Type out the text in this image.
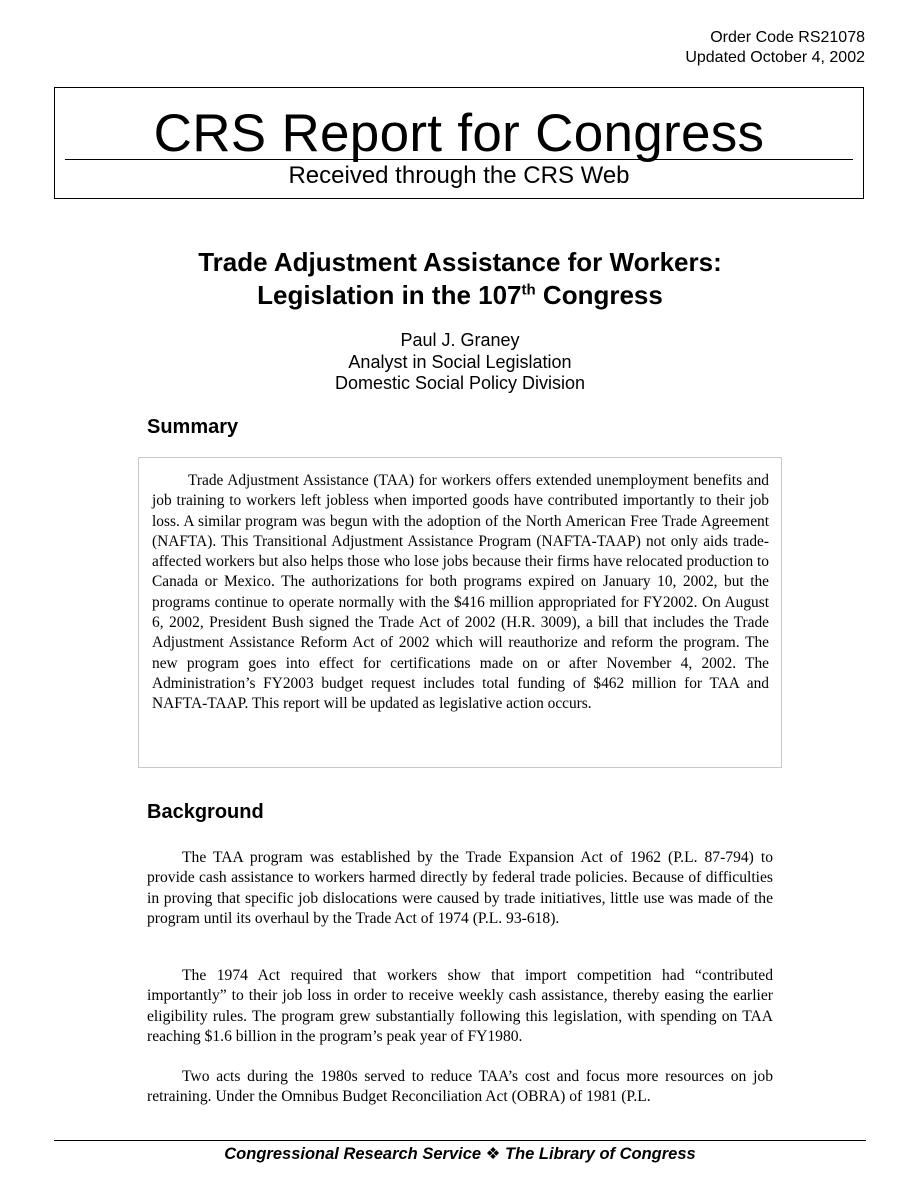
Order Code RS21078
Updated October 4, 2002
CRS Report for Congress
Received through the CRS Web
Trade Adjustment Assistance for Workers:
Legislation in the 107th Congress
Paul J. Graney
Analyst in Social Legislation
Domestic Social Policy Division
Summary

Trade Adjustment Assistance (TAA) for workers offers extended unemployment benefits and job training to workers left jobless when imported goods have contributed importantly to their job loss. A similar program was begun with the adoption of the North American Free Trade Agreement (NAFTA). This Transitional Adjustment Assistance Program (NAFTA-TAAP) not only aids trade-affected workers but also helps those who lose jobs because their firms have relocated production to Canada or Mexico. The authorizations for both programs expired on January 10, 2002, but the programs continue to operate normally with the $416 million appropriated for FY2002. On August 6, 2002, President Bush signed the Trade Act of 2002 (H.R. 3009), a bill that includes the Trade Adjustment Assistance Reform Act of 2002 which will reauthorize and reform the program. The new program goes into effect for certifications made on or after November 4, 2002. The Administration’s FY2003 budget request includes total funding of $462 million for TAA and NAFTA-TAAP. This report will be updated as legislative action occurs.

Background

The TAA program was established by the Trade Expansion Act of 1962 (P.L. 87-794) to provide cash assistance to workers harmed directly by federal trade policies. Because of difficulties in proving that specific job dislocations were caused by trade initiatives, little use was made of the program until its overhaul by the Trade Act of 1974 (P.L. 93-618).

The 1974 Act required that workers show that import competition had “contributed importantly” to their job loss in order to receive weekly cash assistance, thereby easing the earlier eligibility rules. The program grew substantially following this legislation, with spending on TAA reaching $1.6 billion in the program’s peak year of FY1980.

Two acts during the 1980s served to reduce TAA’s cost and focus more resources on job retraining. Under the Omnibus Budget Reconciliation Act (OBRA) of 1981 (P.L.

Congressional Research Service ❖ The Library of Congress
